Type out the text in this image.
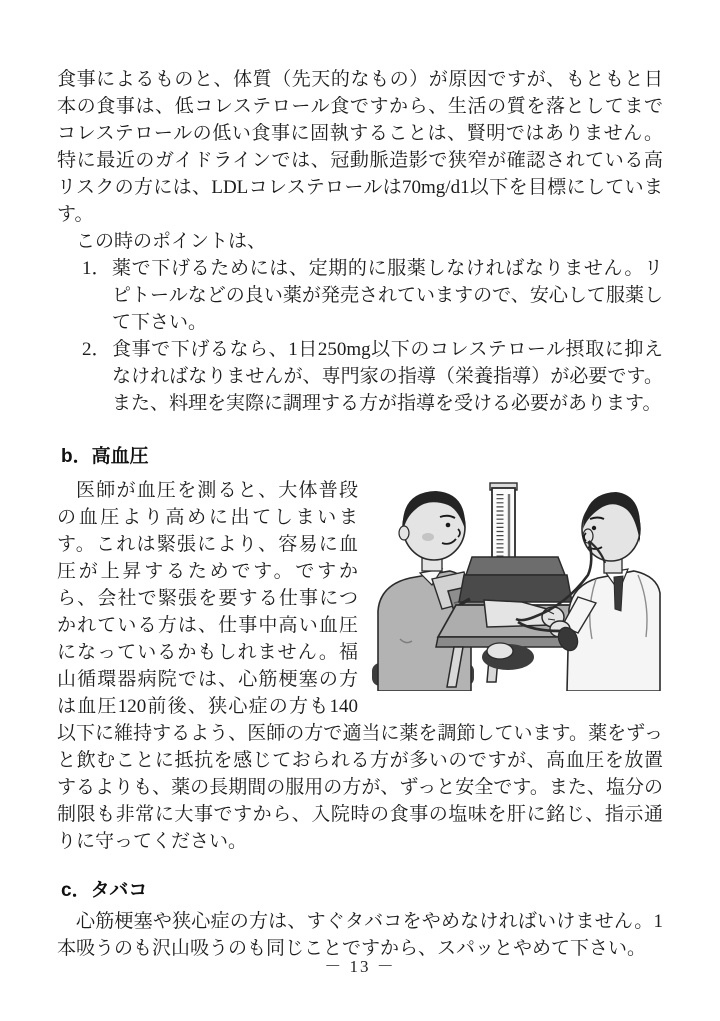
食事によるものと、体質（先天的なもの）が原因ですが、もともと日本の食事は、低コレステロール食ですから、生活の質を落としてまでコレステロールの低い食事に固執することは、賢明ではありません。特に最近のガイドラインでは、冠動脈造影で狭窄が確認されている高リスクの方には、LDLコレステロールは70mg/d1以下を目標にしています。

この時のポイントは、

1． 薬で下げるためには、定期的に服薬しなければなりません。リピトールなどの良い薬が発売されていますので、安心して服薬して下さい。
2． 食事で下げるなら、1日250mg以下のコレステロール摂取に抑えなければなりませんが、専門家の指導（栄養指導）が必要です。また、料理を実際に調理する方が指導を受ける必要があります。
b．高血圧

医師が血圧を測ると、大体普段の血圧より高めに出てしまいます。これは緊張により、容易に血圧が上昇するためです。ですから、会社で緊張を要する仕事につかれている方は、仕事中高い血圧になっているかもしれません。福山循環器病院では、心筋梗塞の方は血圧120前後、狭心症の方も140以下に維持するよう、医師の方で適当に薬を調節しています。薬をずっと飲むことに抵抗を感じておられる方が多いのですが、高血圧を放置するよりも、薬の長期間の服用の方が、ずっと安全です。また、塩分の制限も非常に大事ですから、入院時の食事の塩味を肝に銘じ、指示通りに守ってください。

c．タバコ

心筋梗塞や狭心症の方は、すぐタバコをやめなければいけません。1本吸うのも沢山吸うのも同じことですから、スパッとやめて下さい。

－ 13 －
